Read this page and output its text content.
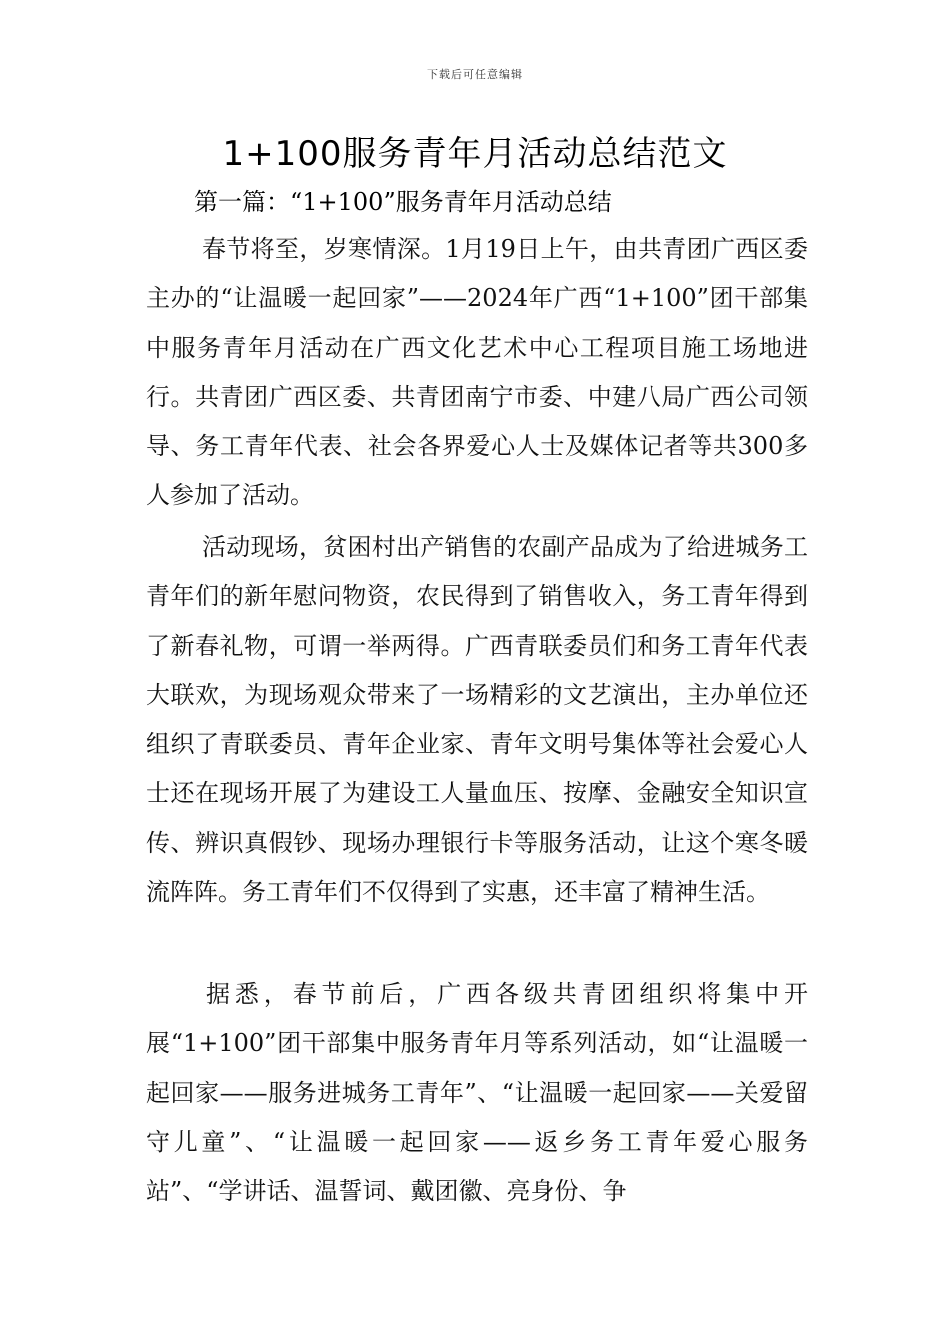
下载后可任意编辑
1+100服务青年月活动总结范文
第一篇：“1+100”服务青年月活动总结

春节将至，岁寒情深。1月19日上午，由共青团广西区委主办的“让温暖一起回家”——2024年广西“1+100”团干部集中服务青年月活动在广西文化艺术中心工程项目施工场地进行。共青团广西区委、共青团南宁市委、中建八局广西公司领导、务工青年代表、社会各界爱心人士及媒体记者等共300多人参加了活动。

活动现场，贫困村出产销售的农副产品成为了给进城务工青年们的新年慰问物资，农民得到了销售收入，务工青年得到了新春礼物，可谓一举两得。广西青联委员们和务工青年代表大联欢，为现场观众带来了一场精彩的文艺演出，主办单位还组织了青联委员、青年企业家、青年文明号集体等社会爱心人士还在现场开展了为建设工人量血压、按摩、金融安全知识宣传、辨识真假钞、现场办理银行卡等服务活动，让这个寒冬暖流阵阵。务工青年们不仅得到了实惠，还丰富了精神生活。

据悉，春节前后，广西各级共青团组织将集中开展“1+100”团干部集中服务青年月等系列活动，如“让温暖一起回家——服务进城务工青年”、“让温暖一起回家——关爱留守儿童”、“让温暖一起回家——返乡务工青年爱心服务站”、“学讲话、温誓词、戴团徽、亮身份、争
